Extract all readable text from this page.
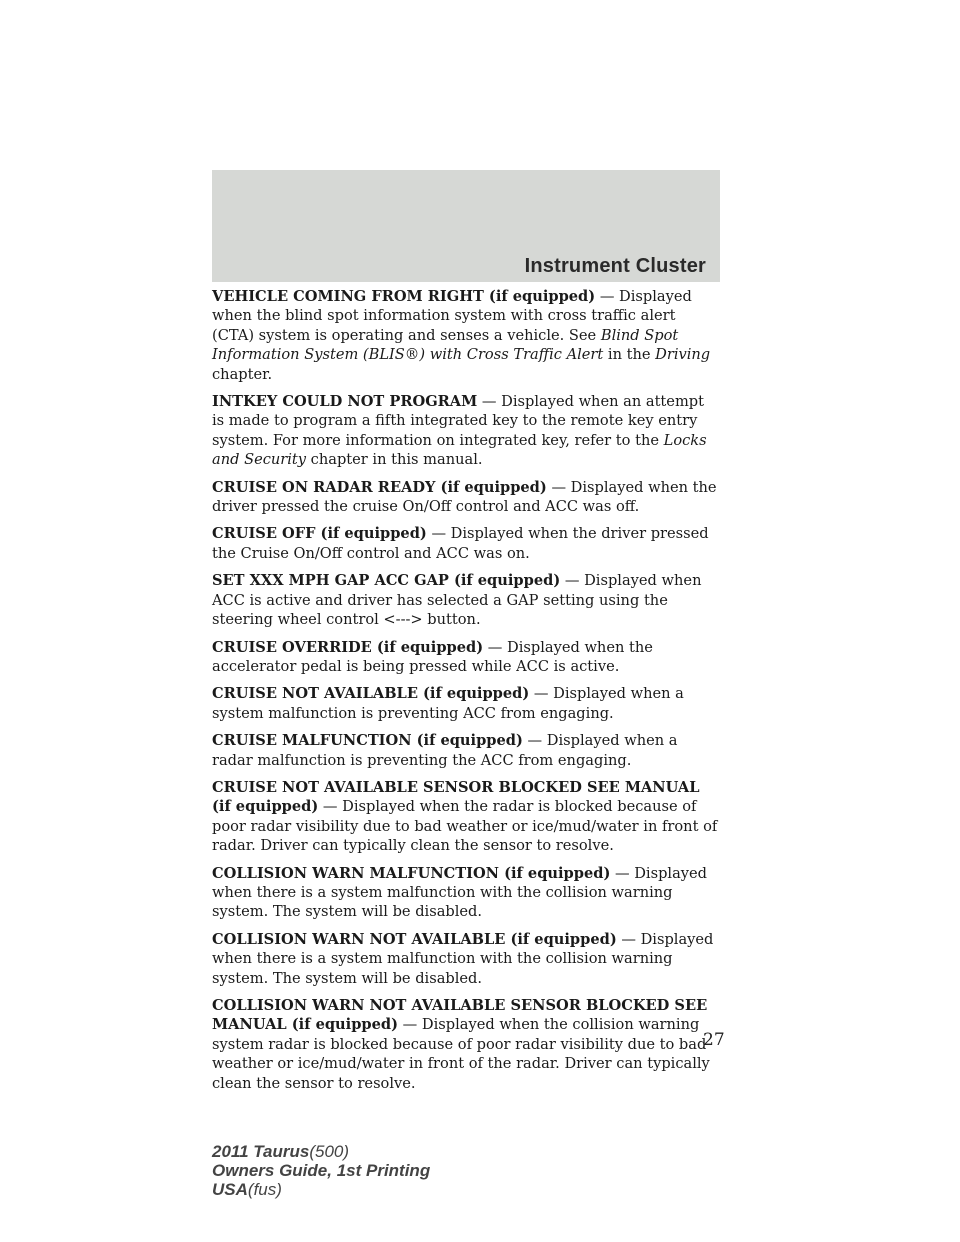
Instrument Cluster

VEHICLE COMING FROM RIGHT (if equipped) — Displayed when the blind spot information system with cross traffic alert (CTA) system is operating and senses a vehicle. See Blind Spot Information System (BLIS®) with Cross Traffic Alert in the Driving chapter.

INTKEY COULD NOT PROGRAM — Displayed when an attempt is made to program a fifth integrated key to the remote key entry system. For more information on integrated key, refer to the Locks and Security chapter in this manual.

CRUISE ON RADAR READY (if equipped) — Displayed when the driver pressed the cruise On/Off control and ACC was off.

CRUISE OFF (if equipped) — Displayed when the driver pressed the Cruise On/Off control and ACC was on.

SET XXX MPH GAP ACC GAP (if equipped) — Displayed when ACC is active and driver has selected a GAP setting using the steering wheel control <---> button.

CRUISE OVERRIDE (if equipped) — Displayed when the accelerator pedal is being pressed while ACC is active.

CRUISE NOT AVAILABLE (if equipped) — Displayed when a system malfunction is preventing ACC from engaging.

CRUISE MALFUNCTION (if equipped) — Displayed when a radar malfunction is preventing the ACC from engaging.

CRUISE NOT AVAILABLE SENSOR BLOCKED SEE MANUAL (if equipped) — Displayed when the radar is blocked because of poor radar visibility due to bad weather or ice/mud/water in front of radar. Driver can typically clean the sensor to resolve.

COLLISION WARN MALFUNCTION (if equipped) — Displayed when there is a system malfunction with the collision warning system. The system will be disabled.

COLLISION WARN NOT AVAILABLE (if equipped) — Displayed when there is a system malfunction with the collision warning system. The system will be disabled.

COLLISION WARN NOT AVAILABLE SENSOR BLOCKED SEE MANUAL (if equipped) — Displayed when the collision warning system radar is blocked because of poor radar visibility due to bad weather or ice/mud/water in front of the radar. Driver can typically clean the sensor to resolve.

27
2011 Taurus(500)
Owners Guide, 1st Printing
USA(fus)
